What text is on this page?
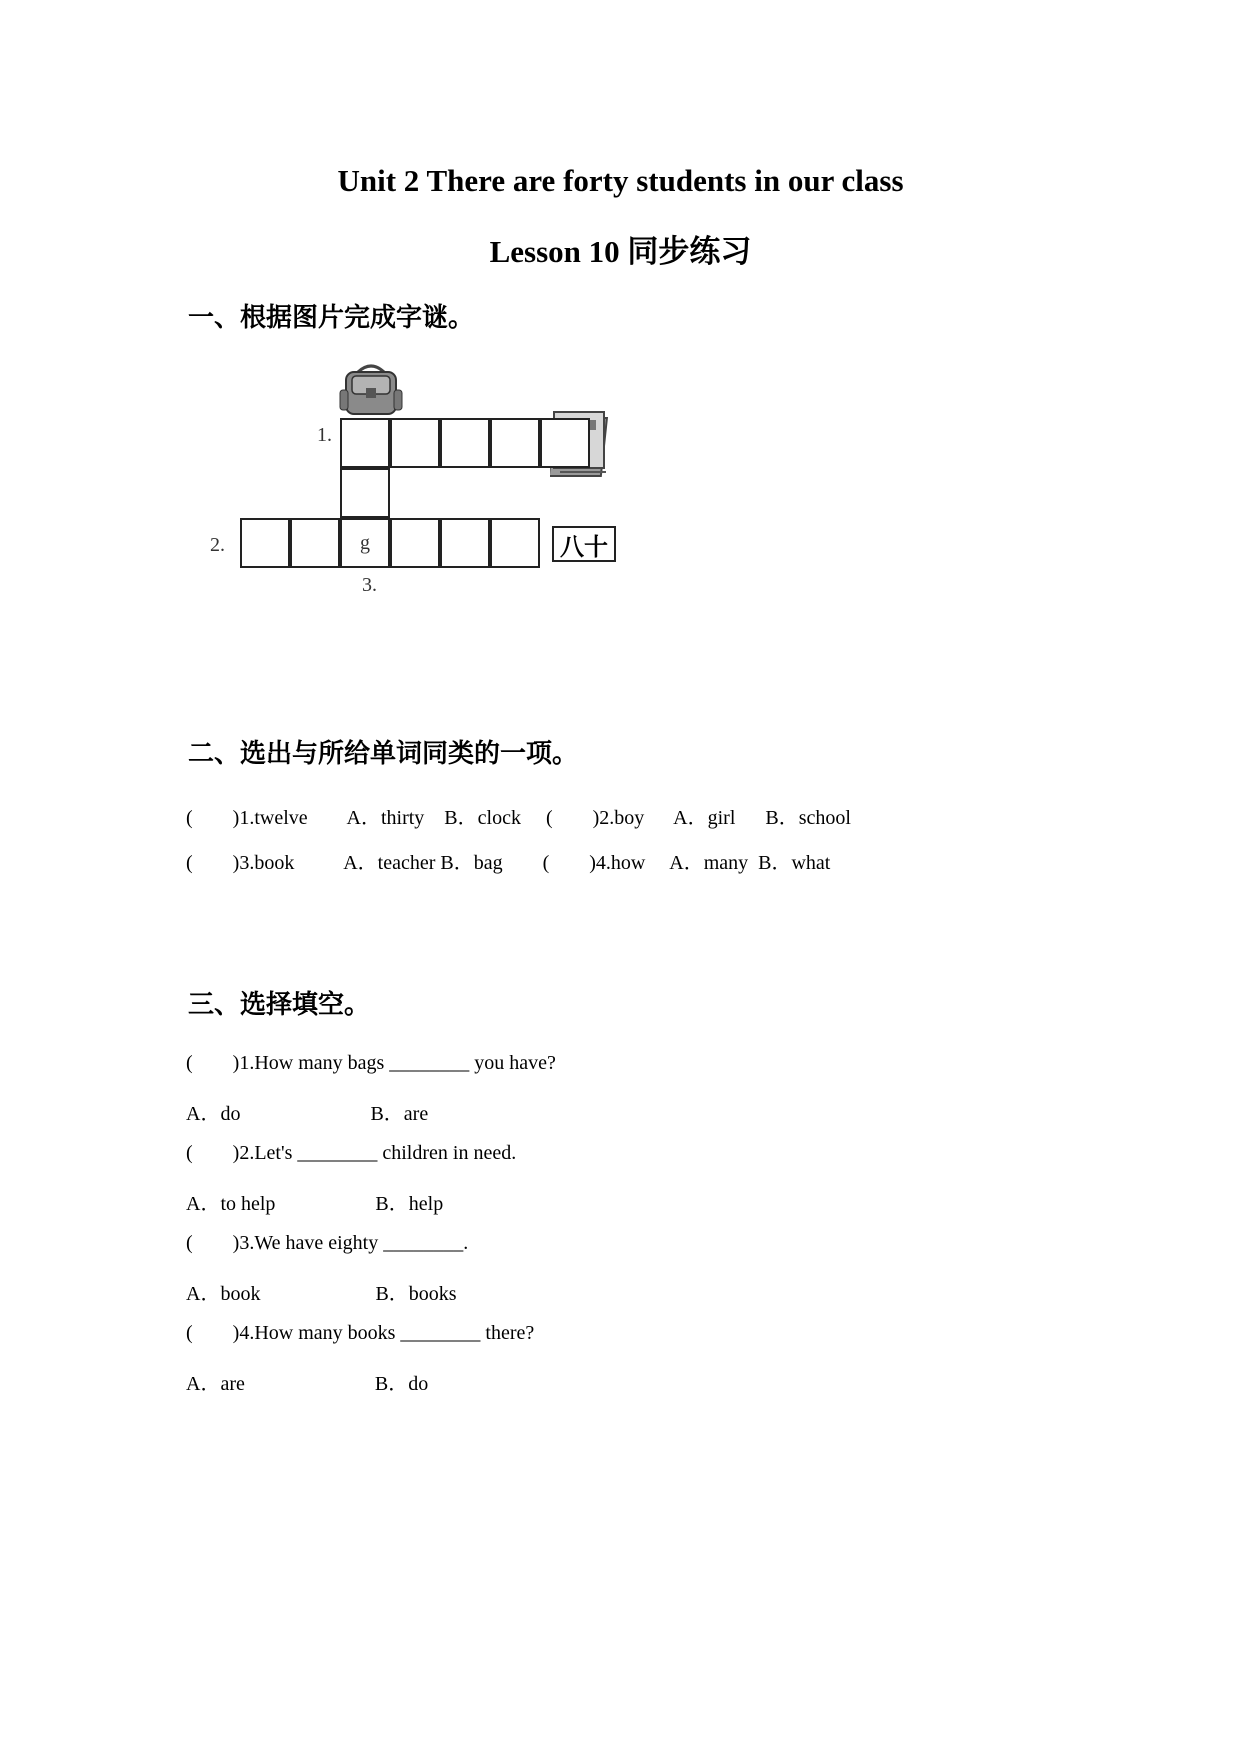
Unit 2 There are forty students in our class
Lesson 10 同步练习
一、根据图片完成字谜。
八十
1.
2.
3.
g
二、选出与所给单词同类的一项。
(        )1.twelve        A．thirty    B．clock     (        )2.boy      A．girl      B．school
(        )3.book          A．teacher B．bag        (        )4.how     A．many  B．what
三、选择填空。
(        )1.How many bags ________ you have?
A．do                          B．are
(        )2.Let's ________ children in need.
A．to help                    B．help
(        )3.We have eighty ________.
A．book                       B．books
(        )4.How many books ________ there?
A．are                          B．do
